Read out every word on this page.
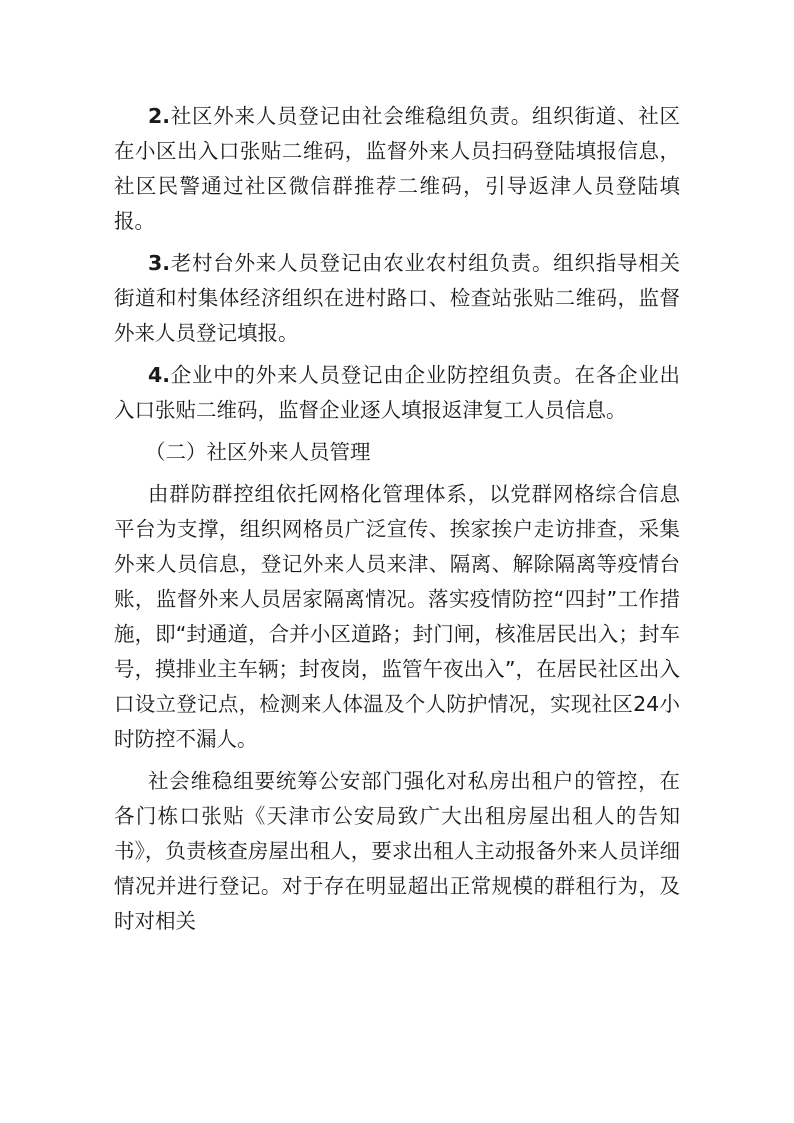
2.社区外来人员登记由社会维稳组负责。组织街道、社区在小区出入口张贴二维码，监督外来人员扫码登陆填报信息，社区民警通过社区微信群推荐二维码，引导返津人员登陆填报。

3.老村台外来人员登记由农业农村组负责。组织指导相关街道和村集体经济组织在进村路口、检查站张贴二维码，监督外来人员登记填报。

4.企业中的外来人员登记由企业防控组负责。在各企业出入口张贴二维码，监督企业逐人填报返津复工人员信息。

（二）社区外来人员管理

由群防群控组依托网格化管理体系，以党群网格综合信息平台为支撑，组织网格员广泛宣传、挨家挨户走访排查，采集外来人员信息，登记外来人员来津、隔离、解除隔离等疫情台账，监督外来人员居家隔离情况。落实疫情防控“四封”工作措施，即“封通道，合并小区道路；封门闸，核准居民出入；封车号，摸排业主车辆；封夜岗，监管午夜出入”，在居民社区出入口设立登记点，检测来人体温及个人防护情况，实现社区24小时防控不漏人。

社会维稳组要统筹公安部门强化对私房出租户的管控，在各门栋口张贴《天津市公安局致广大出租房屋出租人的告知书》，负责核查房屋出租人，要求出租人主动报备外来人员详细情况并进行登记。对于存在明显超出正常规模的群租行为，及时对相关
